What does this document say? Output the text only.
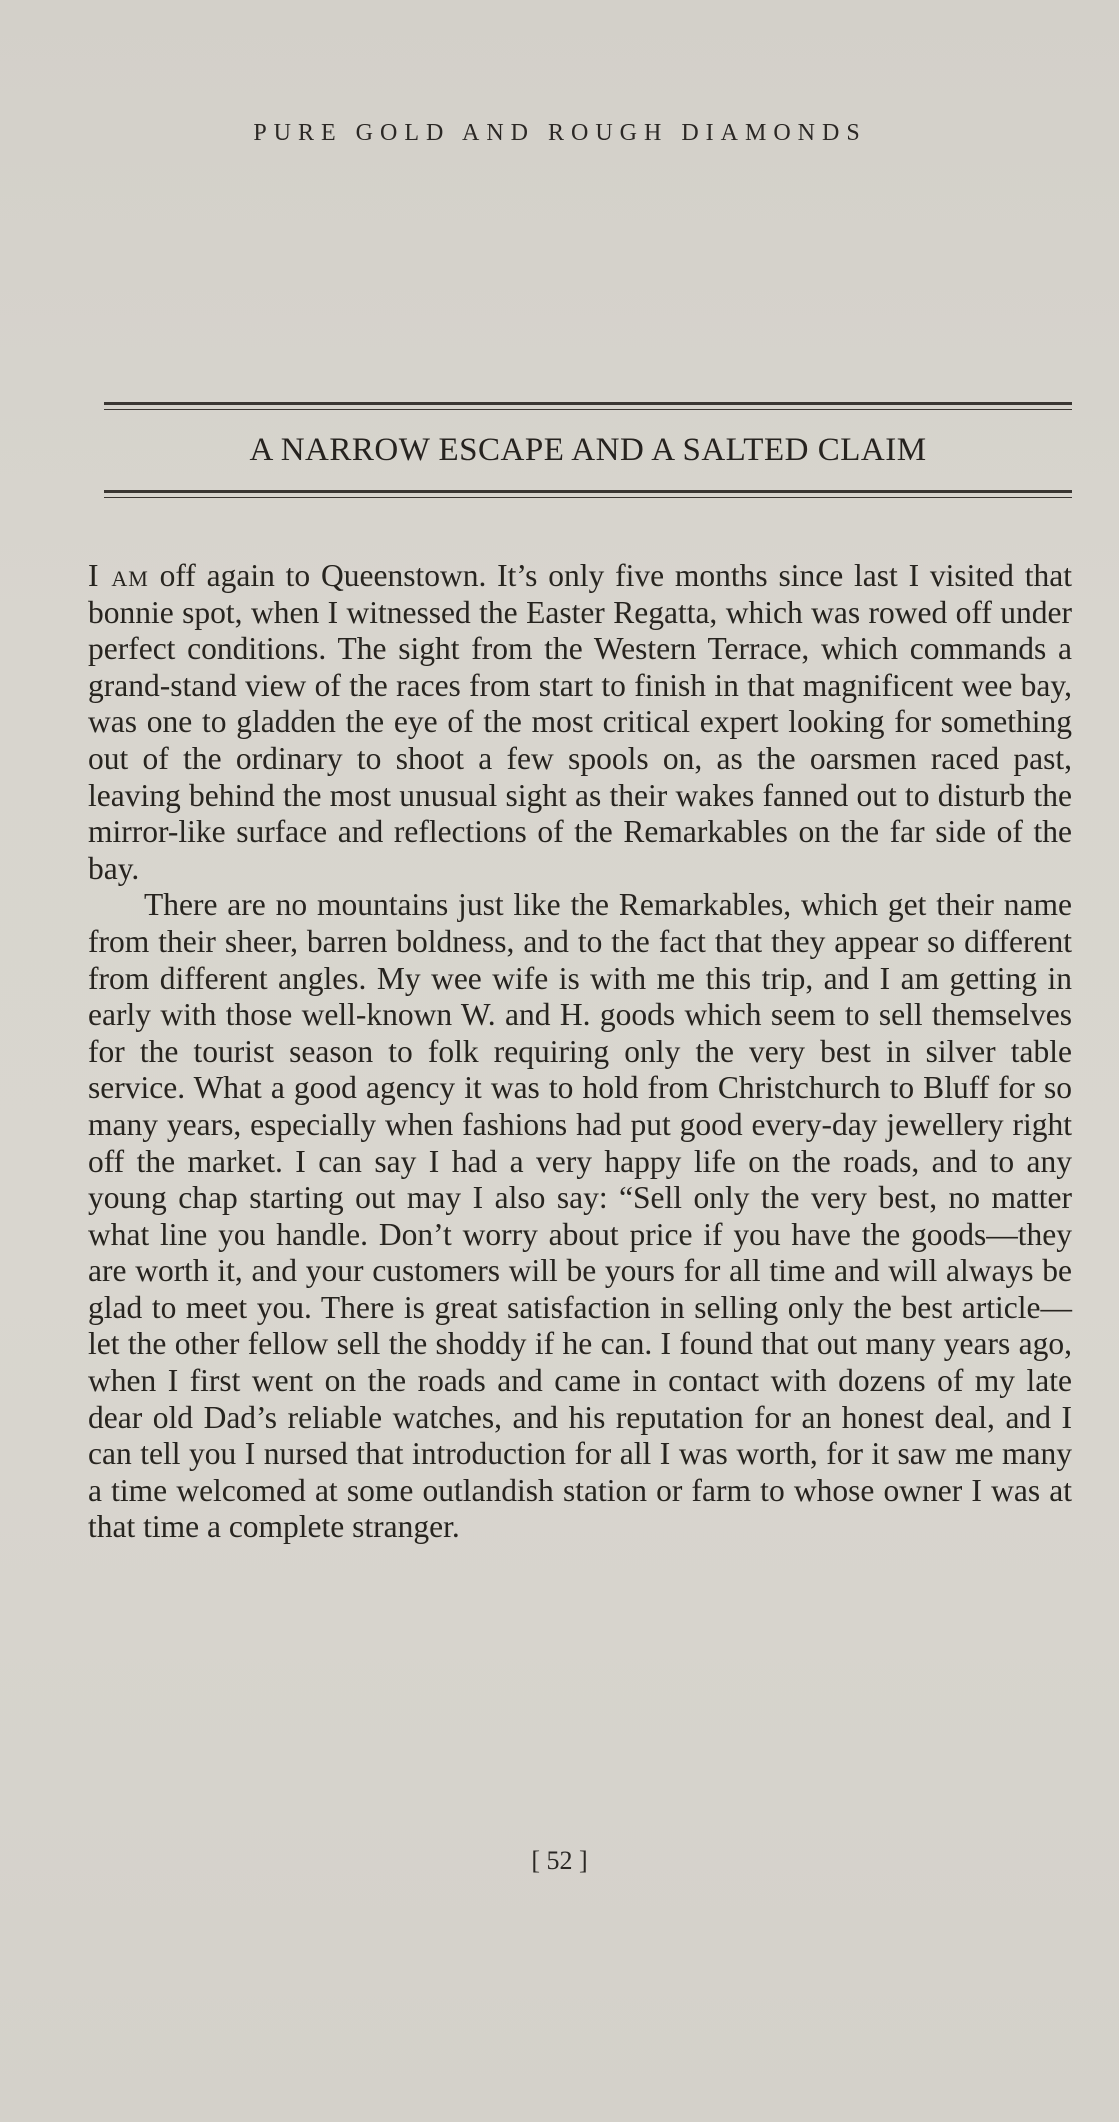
PURE GOLD AND ROUGH DIAMONDS
A NARROW ESCAPE AND A SALTED CLAIM

I am off again to Queenstown. It’s only five months since last I visited that bonnie spot, when I witnessed the Easter Regatta, which was rowed off under perfect conditions. The sight from the Western Terrace, which commands a grand-stand view of the races from start to finish in that magnificent wee bay, was one to gladden the eye of the most critical expert looking for something out of the ordinary to shoot a few spools on, as the oarsmen raced past, leaving behind the most unusual sight as their wakes fanned out to disturb the mirror-like surface and reflections of the Remarkables on the far side of the bay.

There are no mountains just like the Remarkables, which get their name from their sheer, barren boldness, and to the fact that they appear so different from different angles. My wee wife is with me this trip, and I am getting in early with those well-known W. and H. goods which seem to sell themselves for the tourist season to folk requiring only the very best in silver table service. What a good agency it was to hold from Christchurch to Bluff for so many years, especially when fashions had put good every-day jewellery right off the market. I can say I had a very happy life on the roads, and to any young chap starting out may I also say: “Sell only the very best, no matter what line you handle. Don’t worry about price if you have the goods—they are worth it, and your customers will be yours for all time and will always be glad to meet you. There is great satisfaction in selling only the best article—let the other fellow sell the shoddy if he can. I found that out many years ago, when I first went on the roads and came in contact with dozens of my late dear old Dad’s reliable watches, and his reputation for an honest deal, and I can tell you I nursed that introduction for all I was worth, for it saw me many a time welcomed at some outlandish station or farm to whose owner I was at that time a complete stranger.

[ 52 ]
